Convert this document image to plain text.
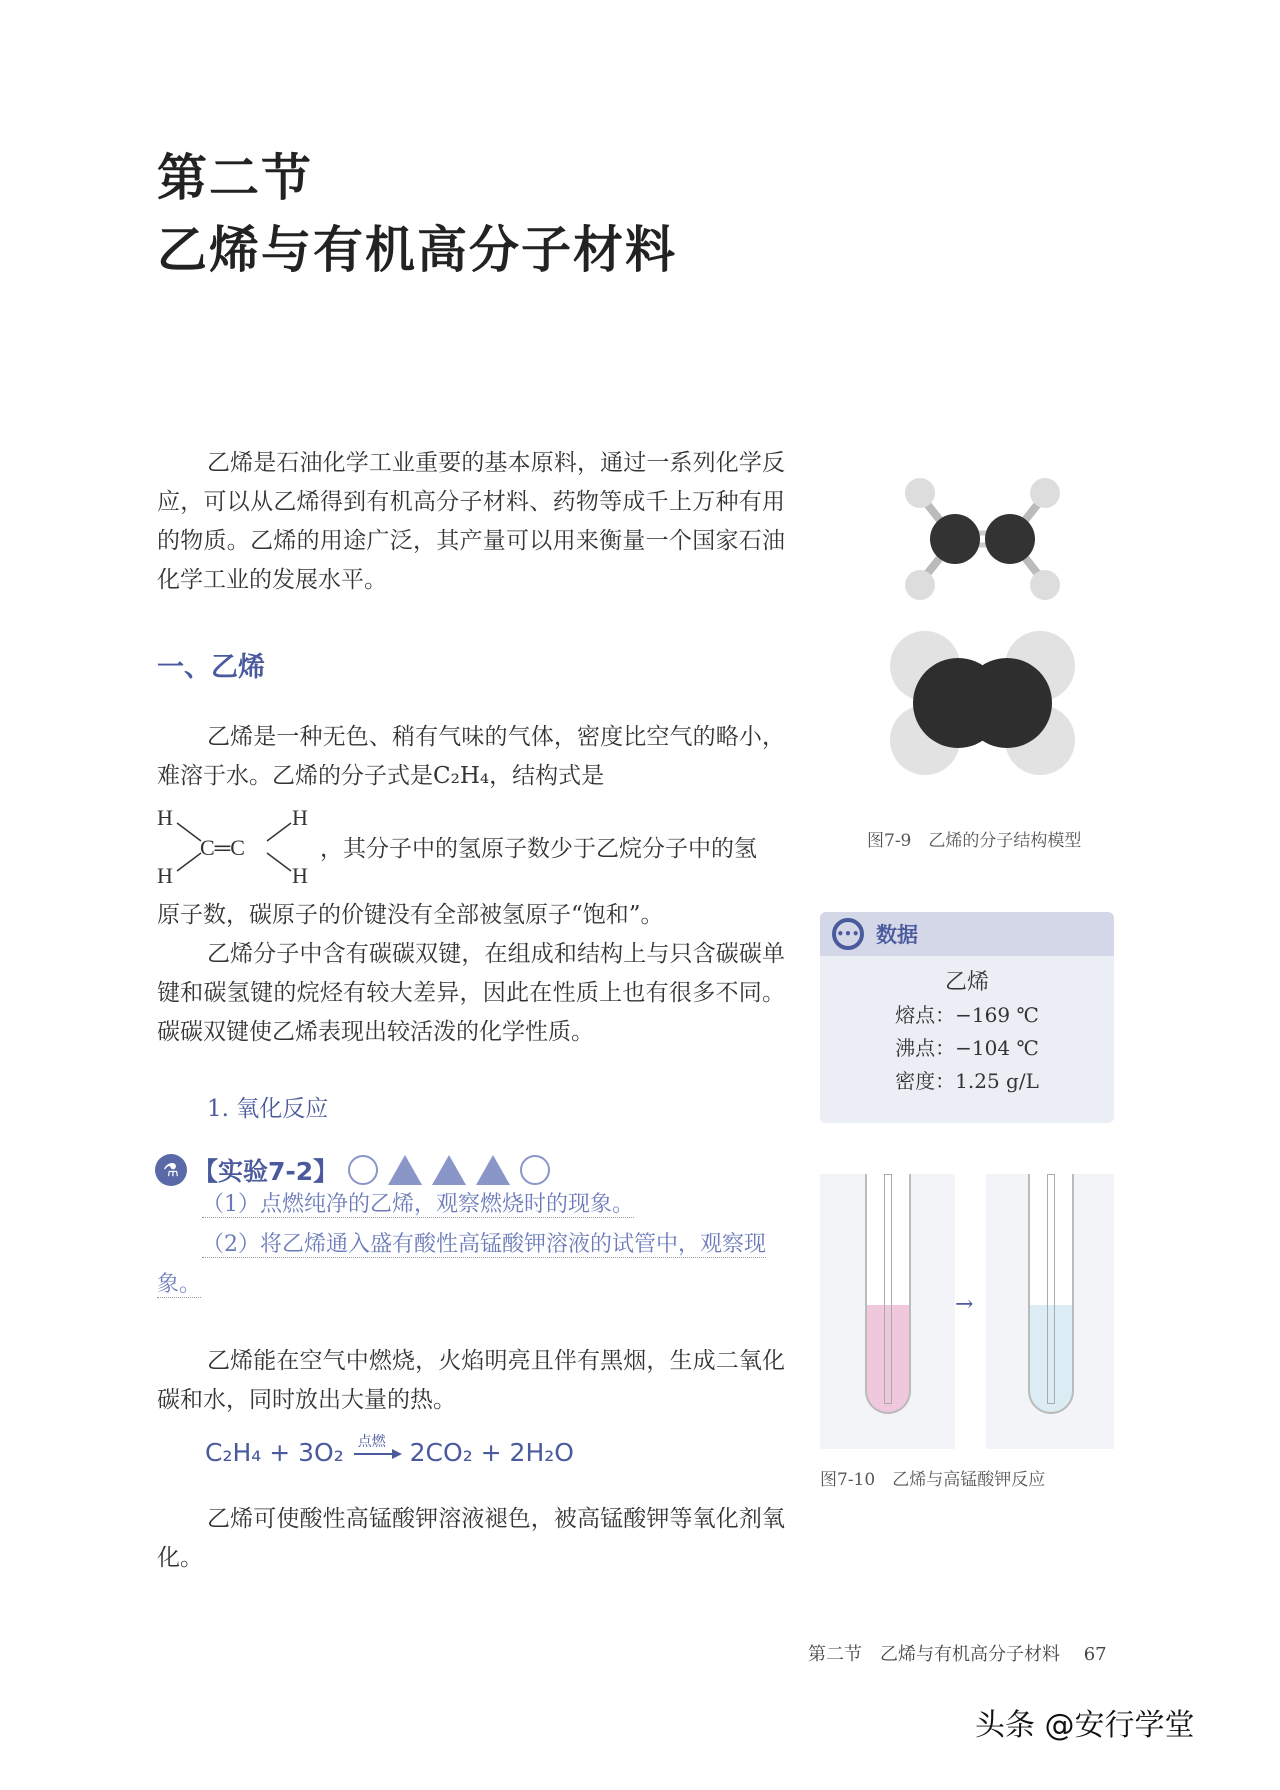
第二节
乙烯与有机高分子材料
乙烯是石油化学工业重要的基本原料，通过一系列化学反应，可以从乙烯得到有机高分子材料、药物等成千上万种有用的物质。乙烯的用途广泛，其产量可以用来衡量一个国家石油化学工业的发展水平。
一、乙烯
乙烯是一种无色、稍有气味的气体，密度比空气的略小，难溶于水。乙烯的分子式是C₂H₄，结构式是
H	H
H	H
C═C	，其分子中的氢原子数少于乙烷分子中的氢
原子数，碳原子的价键没有全部被氢原子“饱和”。
乙烯分子中含有碳碳双键，在组成和结构上与只含碳碳单键和碳氢键的烷烃有较大差异，因此在性质上也有很多不同。碳碳双键使乙烯表现出较活泼的化学性质。
1. 氧化反应
⚗ 【实验7-2】
（1）点燃纯净的乙烯，观察燃烧时的现象。
（2）将乙烯通入盛有酸性高锰酸钾溶液的试管中，观察现象。
乙烯能在空气中燃烧，火焰明亮且伴有黑烟，生成二氧化碳和水，同时放出大量的热。
C₂H₄ + 3O₂ 点燃 2CO₂ + 2H₂O
乙烯可使酸性高锰酸钾溶液褪色，被高锰酸钾等氧化剂氧化。
图7-9　乙烯的分子结构模型
••• 数据
乙烯
熔点：−169 ℃
沸点：−104 ℃
密度：1.25 g/L
→
图7-10　乙烯与高锰酸钾反应
第二节　乙烯与有机高分子材料 67
头条 @安行学堂
